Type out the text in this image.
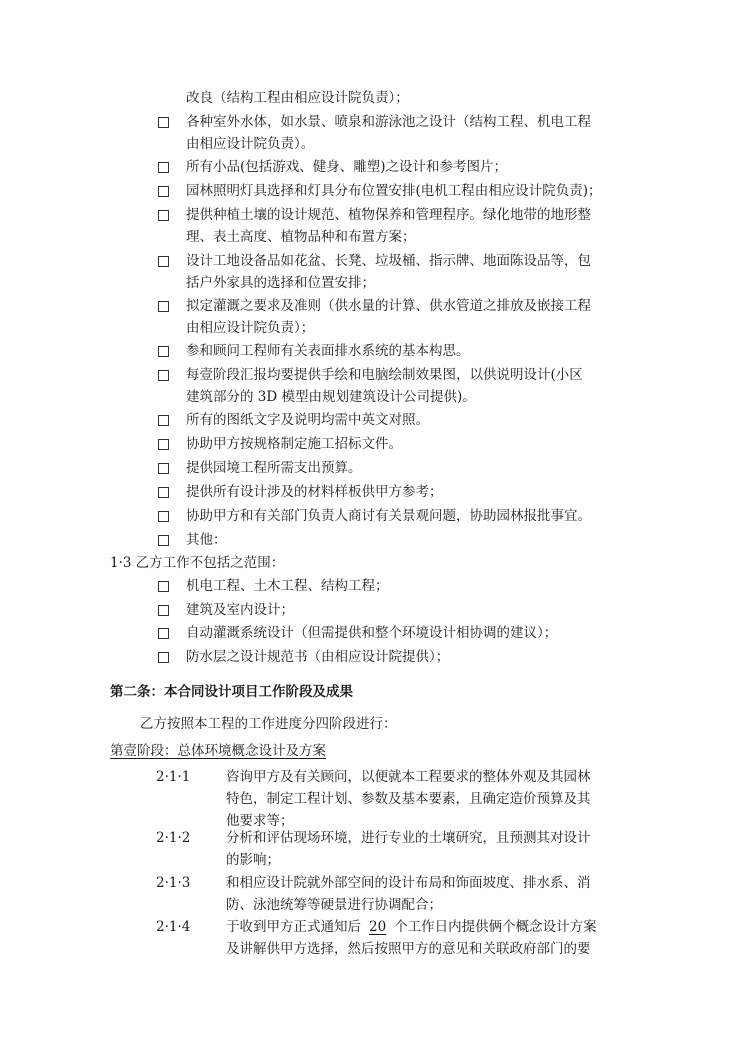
改良（结构工程由相应设计院负责）；
各种室外水体，如水景、喷泉和游泳池之设计（结构工程、机电工程
由相应设计院负责）。
所有小品(包括游戏、健身、雕塑)之设计和参考图片；
园林照明灯具选择和灯具分布位置安排(电机工程由相应设计院负责)；
提供种植土壤的设计规范、植物保养和管理程序。绿化地带的地形整
理、表土高度、植物品种和布置方案；
设计工地设备品如花盆、长凳、垃圾桶、指示牌、地面陈设品等，包
括户外家具的选择和位置安排；
拟定灌溉之要求及准则（供水量的计算、供水管道之排放及嵌接工程
由相应设计院负责）；
参和顾问工程师有关表面排水系统的基本构思。
每壹阶段汇报均要提供手绘和电脑绘制效果图，以供说明设计(小区
建筑部分的 3D 模型由规划建筑设计公司提供)。
所有的图纸文字及说明均需中英文对照。
协助甲方按规格制定施工招标文件。
提供园境工程所需支出预算。
提供所有设计涉及的材料样板供甲方参考；
协助甲方和有关部门负责人商讨有关景观问题，协助园林报批事宜。
其他：
1·3 乙方工作不包括之范围：
机电工程、土木工程、结构工程；
建筑及室内设计；
自动灌溉系统设计（但需提供和整个环境设计相协调的建议）；
防水层之设计规范书（由相应设计院提供）；
第二条：本合同设计项目工作阶段及成果
乙方按照本工程的工作进度分四阶段进行：
第壹阶段：总体环境概念设计及方案
2·1·1	咨询甲方及有关顾问，以便就本工程要求的整体外观及其园林
特色，制定工程计划、参数及基本要素，且确定造价预算及其
他要求等；
2·1·2	分析和评估现场环境，进行专业的土壤研究，且预测其对设计
的影响；
2·1·3	和相应设计院就外部空间的设计布局和饰面坡度、排水系、消
防、泳池统筹等硬景进行协调配合；
2·1·4	于收到甲方正式通知后 20 个工作日内提供俩个概念设计方案
及讲解供甲方选择，然后按照甲方的意见和关联政府部门的要
